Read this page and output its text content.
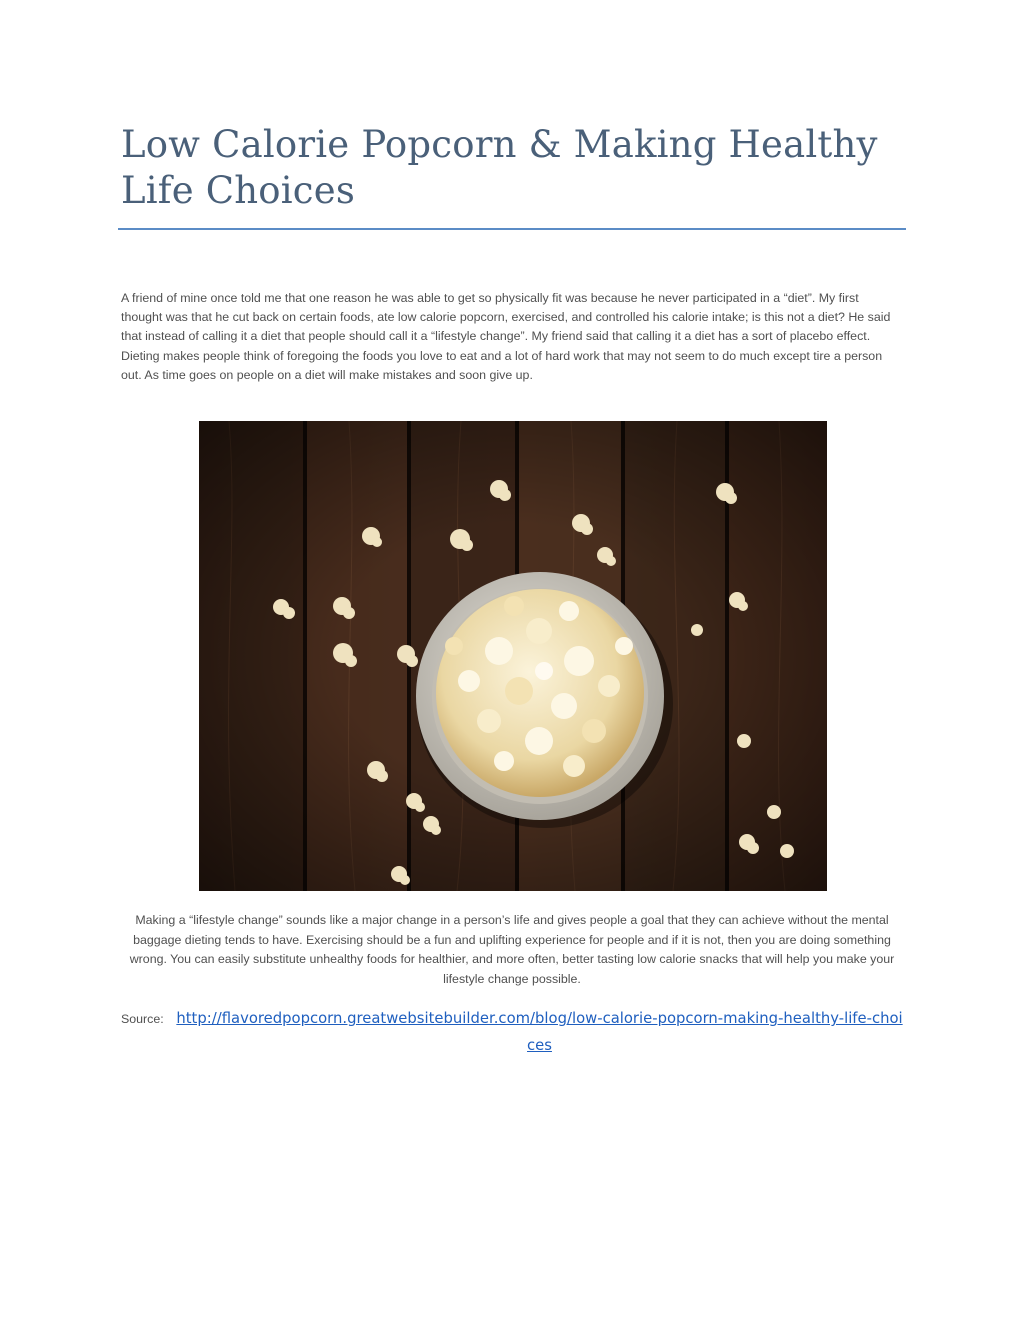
Low Calorie Popcorn & Making Healthy Life Choices

A friend of mine once told me that one reason he was able to get so physically fit was because he never participated in a “diet”. My first thought was that he cut back on certain foods, ate low calorie popcorn, exercised, and controlled his calorie intake; is this not a diet? He said that instead of calling it a diet that people should call it a “lifestyle change”. My friend said that calling it a diet has a sort of placebo effect. Dieting makes people think of foregoing the foods you love to eat and a lot of hard work that may not seem to do much except tire a person out. As time goes on people on a diet will make mistakes and soon give up.

Making a “lifestyle change” sounds like a major change in a person’s life and gives people a goal that they can achieve without the mental baggage dieting tends to have. Exercising should be a fun and uplifting experience for people and if it is not, then you are doing something wrong. You can easily substitute unhealthy foods for healthier, and more often, better tasting low calorie snacks that will help you make your lifestyle change possible.

Source: http://flavoredpopcorn.greatwebsitebuilder.com/blog/low-calorie-popcorn-making-healthy-life-choices
